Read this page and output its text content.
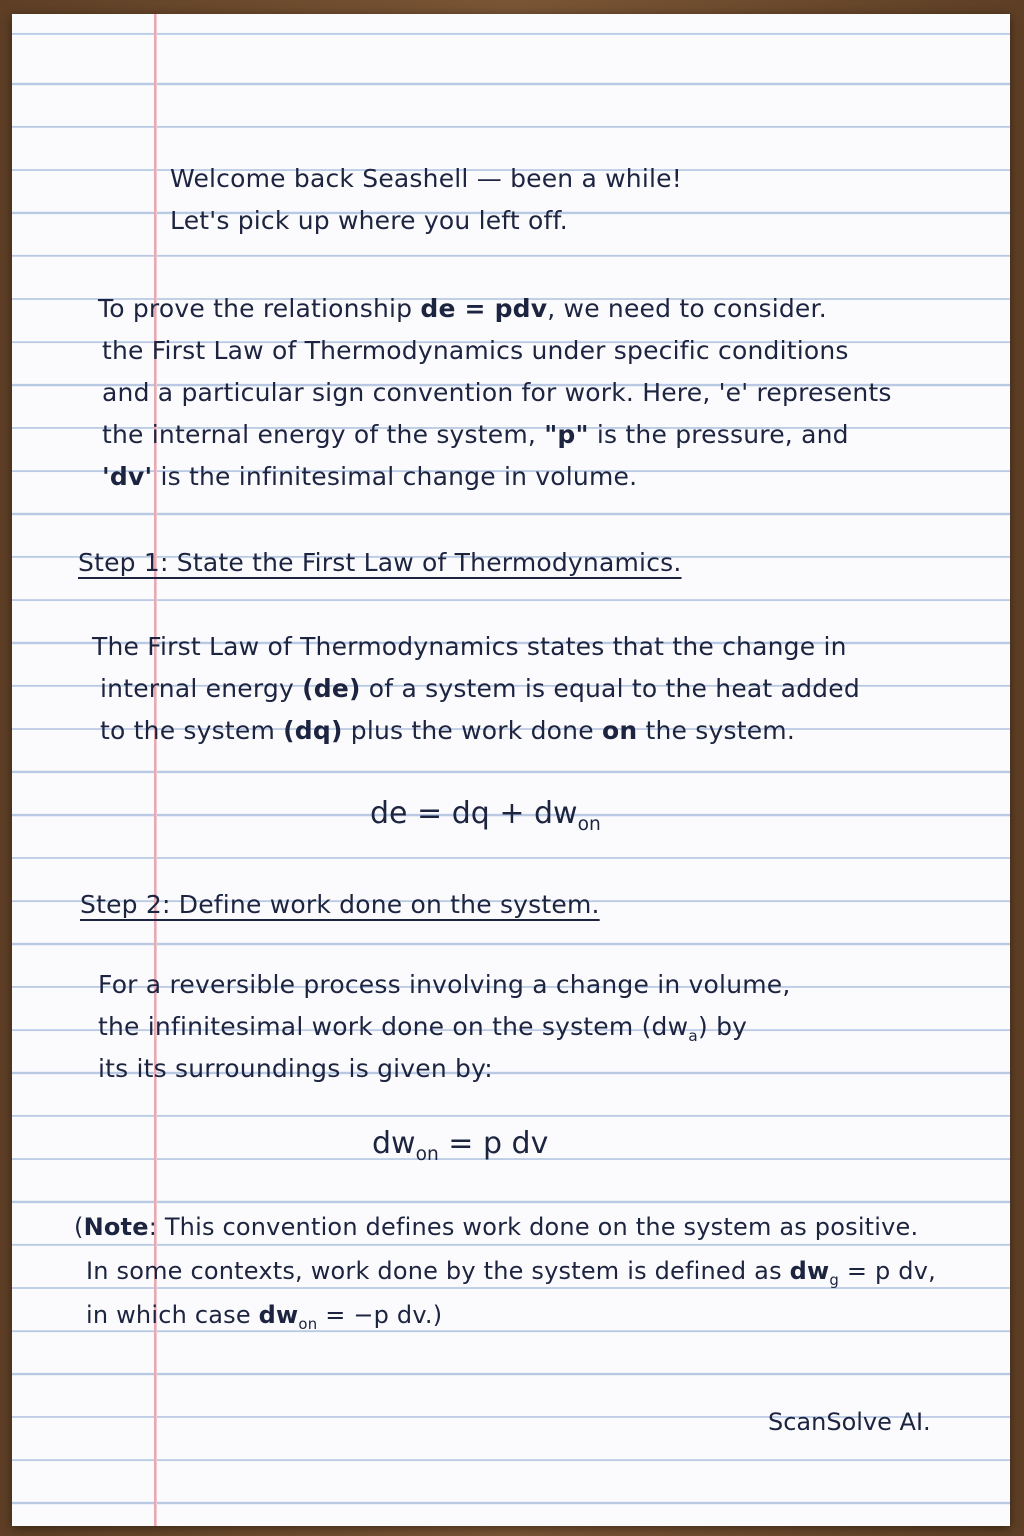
Welcome back Seashell — been a while!
Let's pick up where you left off.
To prove the relationship de = pdv, we need to consider.
the First Law of Thermodynamics under specific conditions
and a particular sign convention for work. Here, 'e' represents
the internal energy of the system, "p" is the pressure, and
'dv' is the infinitesimal change in volume.
Step 1: State the First Law of Thermodynamics.
The First Law of Thermodynamics states that the change in
internal energy (de) of a system is equal to the heat added
to the system (dq) plus the work done on the system.
de = dq + $dw_{on}$
Step 2: Define work done on the system.
For a reversible process involving a change in volume,
the infinitesimal work done on the system $(dw_a)$ by
its its surroundings is given by:
$dw_{on} = p$ dv
(Note: This convention defines work done on the system as positive.
In some contexts, work done by the system is defined as $dw_g = p$ dv,
in which case $dw_{on} = -p$ dv.)
ScanSolve AI.
